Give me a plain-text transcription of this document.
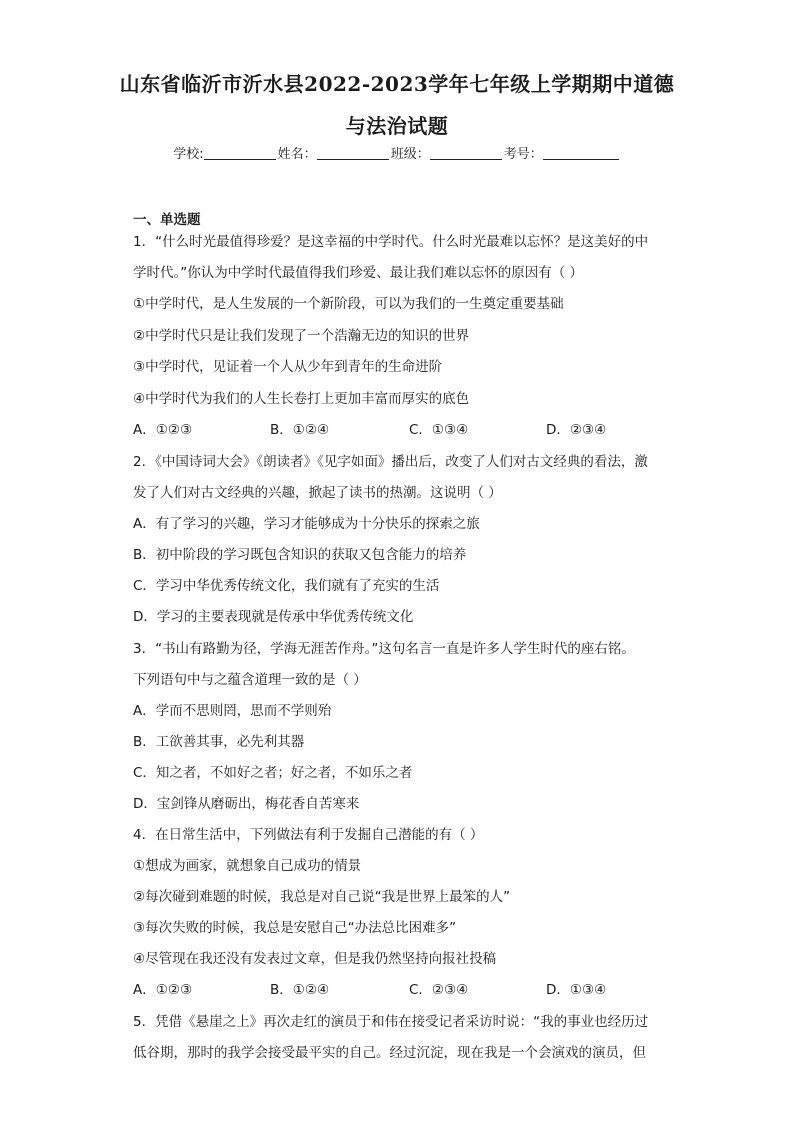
山东省临沂市沂水县2022-2023学年七年级上学期期中道德
与法治试题
学校:	姓名：	班级：	考号：
一、单选题
1．“什么时光最值得珍爱？是这幸福的中学时代。什么时光最难以忘怀？是这美好的中
学时代。”你认为中学时代最值得我们珍爱、最让我们难以忘怀的原因有（ ）
①中学时代，是人生发展的一个新阶段，可以为我们的一生奠定重要基础
②中学时代只是让我们发现了一个浩瀚无边的知识的世界
③中学时代，见证着一个人从少年到青年的生命进阶
④中学时代为我们的人生长卷打上更加丰富而厚实的底色
A．①②③	B．①②④	C．①③④	D．②③④
2．《中国诗词大会》《朗读者》《见字如面》播出后，改变了人们对古文经典的看法，激
发了人们对古文经典的兴趣，掀起了读书的热潮。这说明（ ）
A．有了学习的兴趣，学习才能够成为十分快乐的探索之旅
B．初中阶段的学习既包含知识的获取又包含能力的培养
C．学习中华优秀传统文化，我们就有了充实的生活
D．学习的主要表现就是传承中华优秀传统文化
3．“书山有路勤为径，学海无涯苦作舟。”这句名言一直是许多人学生时代的座右铭。
下列语句中与之蕴含道理一致的是（ ）
A．学而不思则罔，思而不学则殆
B．工欲善其事，必先利其器
C．知之者，不如好之者；好之者，不如乐之者
D．宝剑锋从磨砺出，梅花香自苦寒来
4．在日常生活中，下列做法有利于发掘自己潜能的有（ ）
①想成为画家，就想象自己成功的情景
②每次碰到难题的时候，我总是对自己说“我是世界上最笨的人”
③每次失败的时候，我总是安慰自己“办法总比困难多”
④尽管现在我还没有发表过文章，但是我仍然坚持向报社投稿
A．①②③	B．①②④	C．②③④	D．①③④
5．凭借《悬崖之上》再次走红的演员于和伟在接受记者采访时说：“我的事业也经历过
低谷期，那时的我学会接受最平实的自己。经过沉淀，现在我是一个会演戏的演员，但
